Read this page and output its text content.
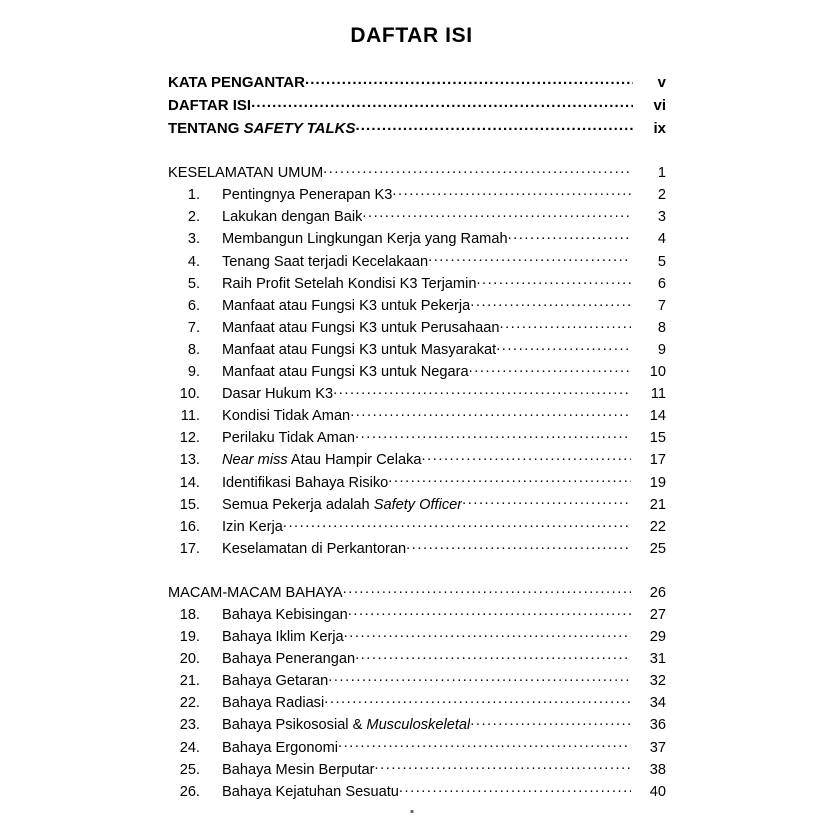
DAFTAR ISI
KATA PENGANTAR .....	v
DAFTAR ISI .....	vi
TENTANG SAFETY TALKS .....	ix
KESELAMATAN UMUM .....	1
1.	Pentingnya Penerapan K3 .....	2
2.	Lakukan dengan Baik .....	3
3.	Membangun Lingkungan Kerja yang Ramah .....	4
4.	Tenang Saat terjadi Kecelakaan .....	5
5.	Raih Profit Setelah Kondisi K3 Terjamin .....	6
6.	Manfaat atau Fungsi K3 untuk Pekerja .....	7
7.	Manfaat atau Fungsi K3 untuk Perusahaan .....	8
8.	Manfaat atau Fungsi K3 untuk Masyarakat .....	9
9.	Manfaat atau Fungsi K3 untuk Negara .....	10
10.	Dasar Hukum K3 .....	11
11.	Kondisi Tidak Aman .....	14
12.	Perilaku Tidak Aman .....	15
13.	Near miss Atau Hampir Celaka .....	17
14.	Identifikasi Bahaya Risiko .....	19
15.	Semua Pekerja adalah Safety Officer .....	21
16.	Izin Kerja .....	22
17.	Keselamatan di Perkantoran .....	25
MACAM-MACAM BAHAYA .....	26
18.	Bahaya Kebisingan .....	27
19.	Bahaya Iklim Kerja .....	29
20.	Bahaya Penerangan .....	31
21.	Bahaya Getaran .....	32
22.	Bahaya Radiasi .....	34
23.	Bahaya Psikososial & Musculoskeletal .....	36
24.	Bahaya Ergonomi .....	37
25.	Bahaya Mesin Berputar .....	38
26.	Bahaya Kejatuhan Sesuatu .....	40
